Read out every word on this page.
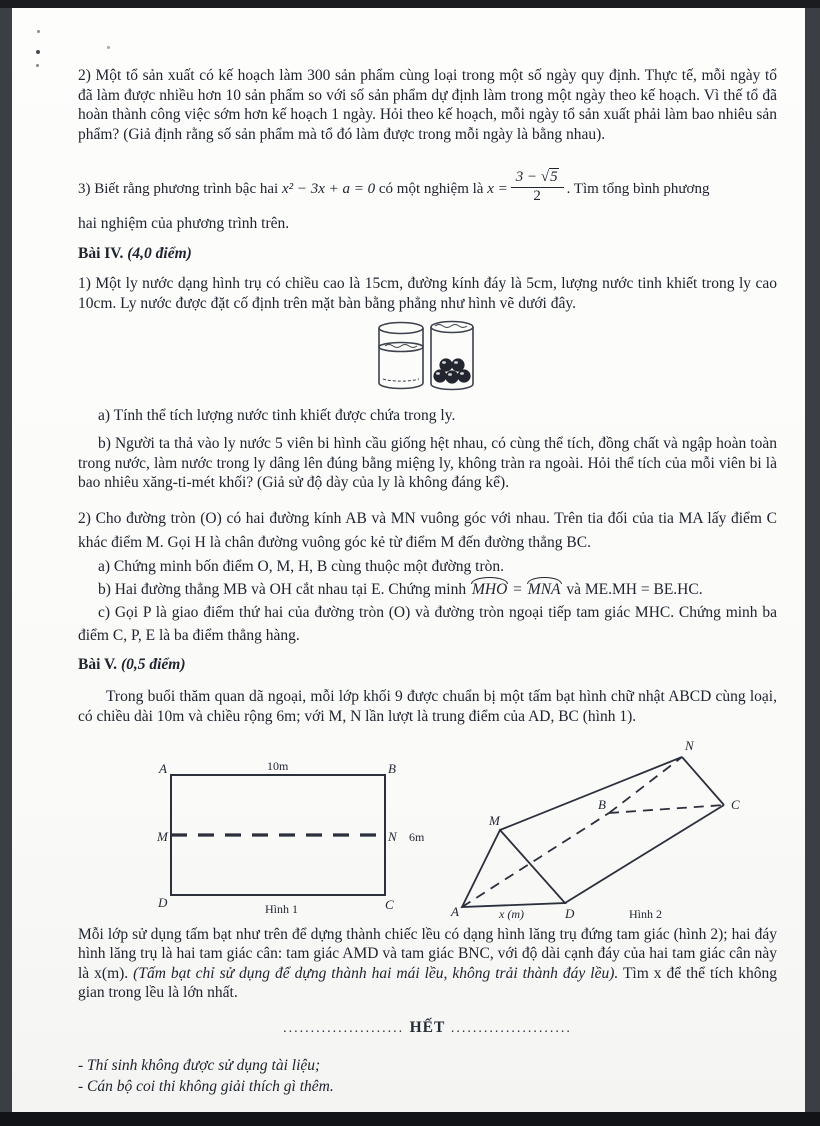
2) Một tổ sản xuất có kế hoạch làm 300 sản phẩm cùng loại trong một số ngày quy định. Thực tế, mỗi ngày tổ đã làm được nhiều hơn 10 sản phẩm so với số sản phẩm dự định làm trong một ngày theo kế hoạch. Vì thế tổ đã hoàn thành công việc sớm hơn kế hoạch 1 ngày. Hỏi theo kế hoạch, mỗi ngày tổ sản xuất phải làm bao nhiêu sản phẩm? (Giả định rằng số sản phẩm mà tổ đó làm được trong mỗi ngày là bằng nhau).

3) Biết rằng phương trình bậc hai x² − 3x + a = 0 có một nghiệm là $x = \frac{3 - √5}{2}$ . Tìm tổng bình phương
hai nghiệm của phương trình trên.
Bài IV. (4,0 điểm)

1) Một ly nước dạng hình trụ có chiều cao là 15cm, đường kính đáy là 5cm, lượng nước tinh khiết trong ly cao 10cm. Ly nước được đặt cố định trên mặt bàn bằng phẳng như hình vẽ dưới đây.

a) Tính thể tích lượng nước tinh khiết được chứa trong ly.

b) Người ta thả vào ly nước 5 viên bi hình cầu giống hệt nhau, có cùng thể tích, đồng chất và ngập hoàn toàn trong nước, làm nước trong ly dâng lên đúng bằng miệng ly, không tràn ra ngoài. Hỏi thể tích của mỗi viên bi là bao nhiêu xăng-ti-mét khối? (Giả sử độ dày của ly là không đáng kể).

2) Cho đường tròn (O) có hai đường kính AB và MN vuông góc với nhau. Trên tia đối của tia MA lấy điểm C khác điểm M. Gọi H là chân đường vuông góc kẻ từ điểm M đến đường thẳng BC.

a) Chứng minh bốn điểm O, M, H, B cùng thuộc một đường tròn.
b) Hai đường thẳng MB và OH cắt nhau tại E. Chứng minh MHO = MNA và ME.MH = BE.HC.
c) Gọi P là giao điểm thứ hai của đường tròn (O) và đường tròn ngoại tiếp tam giác MHC. Chứng minh ba điểm C, P, E là ba điểm thẳng hàng.
Bài V. (0,5 điểm)

Trong buổi thăm quan dã ngoại, mỗi lớp khối 9 được chuẩn bị một tấm bạt hình chữ nhật ABCD cùng loại, có chiều dài 10m và chiều rộng 6m; với M, N lần lượt là trung điểm của AD, BC (hình 1).

A	10m	B
M	N 6m
D	Hình 1	C	A	x (m)	D	Hình 2
M
B
N
C

Mỗi lớp sử dụng tấm bạt như trên để dựng thành chiếc lều có dạng hình lăng trụ đứng tam giác (hình 2); hai đáy hình lăng trụ là hai tam giác cân: tam giác AMD và tam giác BNC, với độ dài cạnh đáy của hai tam giác cân này là x(m). (Tấm bạt chỉ sử dụng để dựng thành hai mái lều, không trải thành đáy lều). Tìm x để thể tích không gian trong lều là lớn nhất.

...................... HẾT ......................
- Thí sinh không được sử dụng tài liệu;
- Cán bộ coi thi không giải thích gì thêm.
